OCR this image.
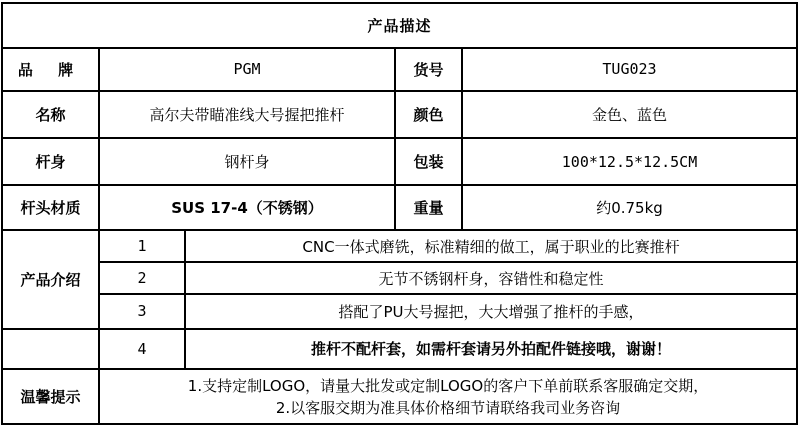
产品描述				
品 牌	PGM		货号	TUG023
名称	高尔夫带瞄准线大号握把推杆		颜色	金色、蓝色
杆身	钢杆身		包装	100*12.5*12.5CM
杆头材质	SUS 17-4（不锈钢）		重量	约0.75kg
产品介绍	1	CNC一体式磨铣，标准精细的做工，属于职业的比赛推杆		
	2	无节不锈钢杆身，容错性和稳定性		
	3	搭配了PU大号握把，大大增强了推杆的手感，		
	4	推杆不配杆套，如需杆套请另外拍配件链接哦，谢谢！		
温馨提示	1.支持定制LOGO，请量大批发或定制LOGO的客户下单前联系客服确定交期，
2.以客服交期为准具体价格细节请联络我司业务咨询			
